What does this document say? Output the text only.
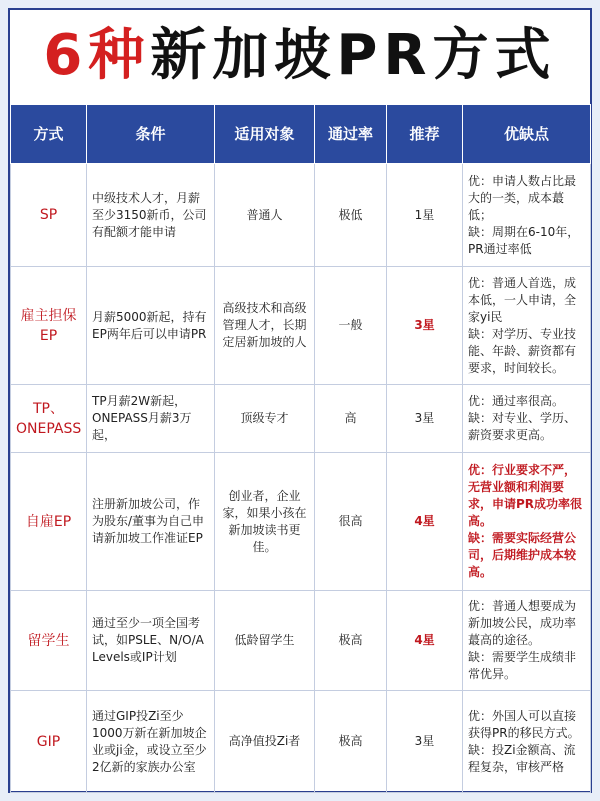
6种新加坡PR方式
方式	条件	适用对象	通过率	推荐	优缺点
SP	中级技术人才，月薪至少3150新币，公司有配额才能申请	普通人	极低	1星	优：申请人数占比最大的一类，成本蕞低；
缺：周期在6-10年，PR通过率低

雇主担保EP	月薪5000新起，持有EP两年后可以申请PR	高级技术和高级管理人才，长期定居新加坡的人	一般	3星	优：普通人首选，成本低，一人申请，全家yi民
缺：对学历、专业技能、年龄、薪资都有要求，时间较长。

TP、ONEPASS	TP月薪2W新起，ONEPASS月薪3万起，	顶级专才	高	3星	优：通过率很高。
缺：对专业、学历、薪资要求更高。

自雇EP	注册新加坡公司，作为股东/董事为自己申请新加坡工作准证EP	创业者，企业家，如果小孩在新加坡读书更佳。	很高	4星	优：行业要求不严，无营业额和利润要求，申请PR成功率很高。
缺：需要实际经营公司，后期维护成本较高。

留学生	通过至少一项全国考试，如PSLE、N/O/A Levels或IP计划	低龄留学生	极高	4星	优：普通人想要成为新加坡公民，成功率蕞高的途径。
缺：需要学生成绩非常优异。

GIP	通过GIP投Zi至少1000万新在新加坡企业或ji金，或设立至少2亿新的家族办公室	高净值投Zi者	极高	3星	优：外国人可以直接获得PR的移民方式。
缺：投Zi金额高、流程复杂，审核严格
